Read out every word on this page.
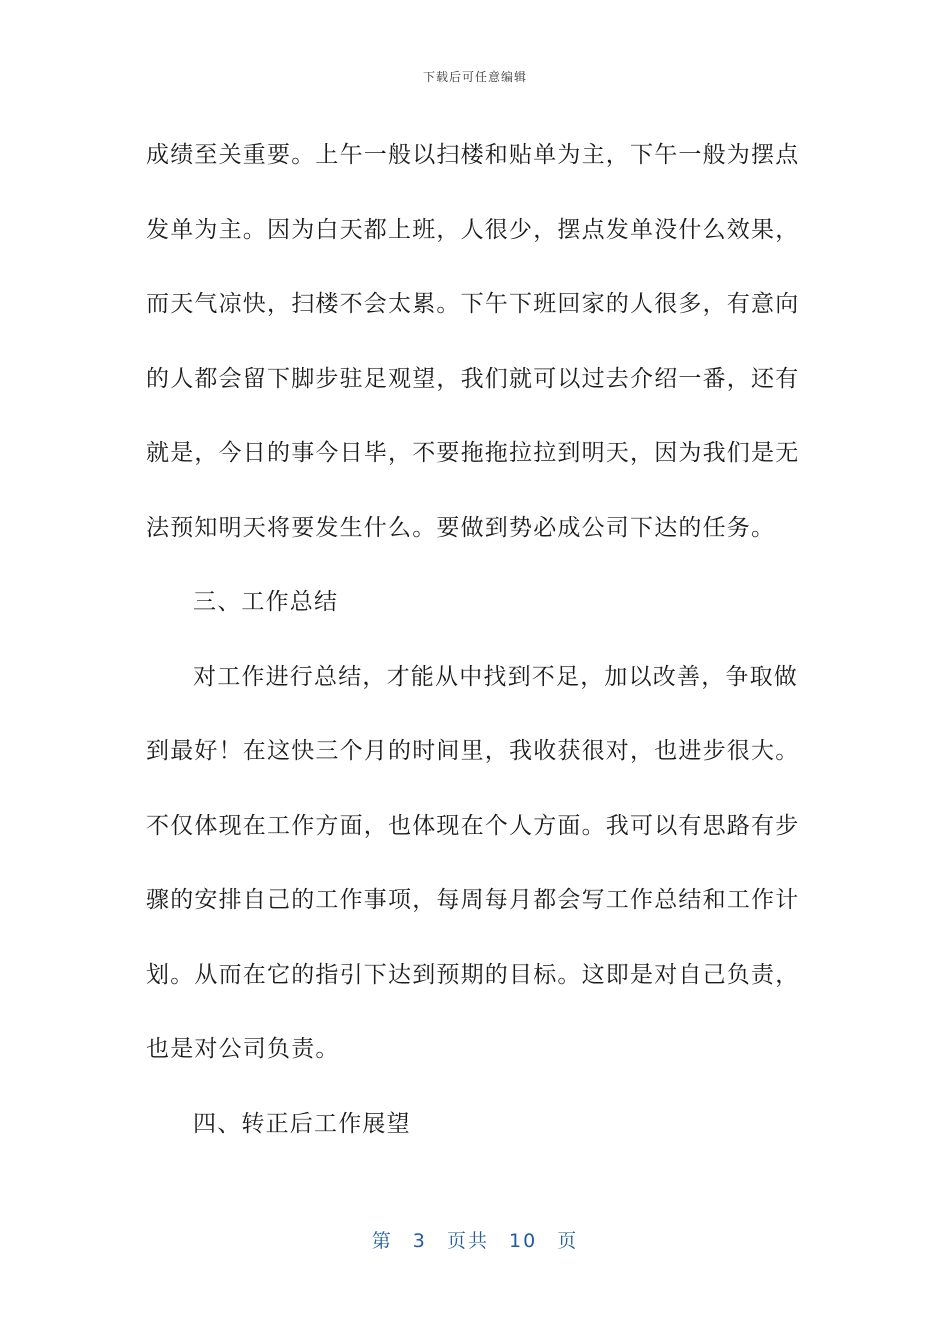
下载后可任意编辑

成绩至关重要。上午一般以扫楼和贴单为主，下午一般为摆点
发单为主。因为白天都上班，人很少，摆点发单没什么效果，
而天气凉快，扫楼不会太累。下午下班回家的人很多，有意向
的人都会留下脚步驻足观望，我们就可以过去介绍一番，还有
就是，今日的事今日毕，不要拖拖拉拉到明天，因为我们是无
法预知明天将要发生什么。要做到势必成公司下达的任务。

三、工作总结

对工作进行总结，才能从中找到不足，加以改善，争取做
到最好！在这快三个月的时间里，我收获很对，也进步很大。
不仅体现在工作方面，也体现在个人方面。我可以有思路有步
骤的安排自己的工作事项，每周每月都会写工作总结和工作计
划。从而在它的指引下达到预期的目标。这即是对自己负责，
也是对公司负责。

四、转正后工作展望

第 3 页共 10 页
